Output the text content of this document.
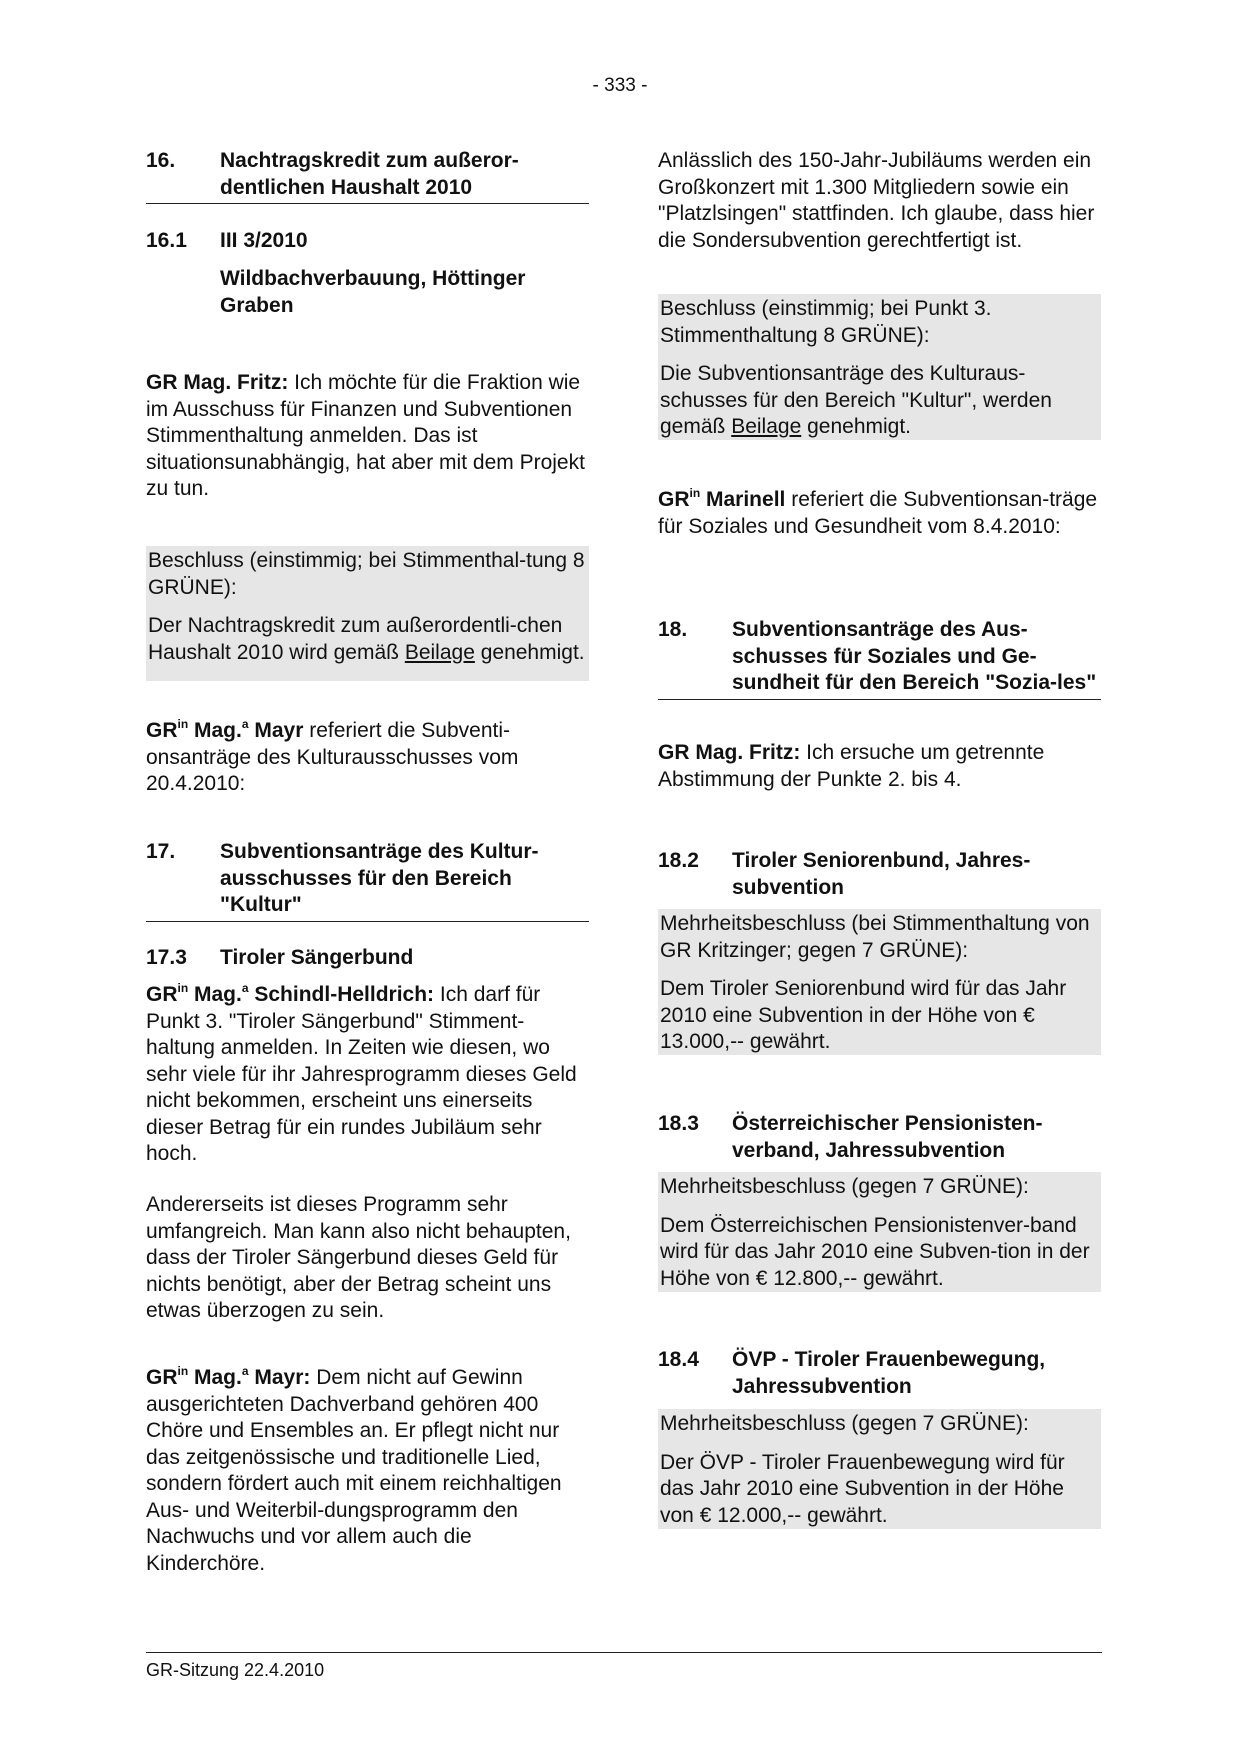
- 333 -
16.	Nachtragskredit zum außeror-dentlichen Haushalt 2010
16.1	III 3/2010
Wildbachverbauung, Höttinger Graben

GR Mag. Fritz: Ich möchte für die Fraktion wie im Ausschuss für Finanzen und Subventionen Stimmenthaltung anmelden. Das ist situationsunabhängig, hat aber mit dem Projekt zu tun.

Beschluss (einstimmig; bei Stimmenthal-tung 8 GRÜNE):

Der Nachtragskredit zum außerordentli-chen Haushalt 2010 wird gemäß Beilage genehmigt.

$GR^{in}$ Mag.$^a$ Mayr referiert die Subventi-onsanträge des Kulturausschusses vom 20.4.2010:

17.	Subventionsanträge des Kultur-ausschusses für den Bereich "Kultur"
17.3	Tiroler Sängerbund

$GR^{in}$ Mag.$^a$ Schindl-Helldrich: Ich darf für Punkt 3. "Tiroler Sängerbund" Stimment-haltung anmelden. In Zeiten wie diesen, wo sehr viele für ihr Jahresprogramm dieses Geld nicht bekommen, erscheint uns einerseits dieser Betrag für ein rundes Jubiläum sehr hoch.

Andererseits ist dieses Programm sehr umfangreich. Man kann also nicht behaupten, dass der Tiroler Sängerbund dieses Geld für nichts benötigt, aber der Betrag scheint uns etwas überzogen zu sein.

$GR^{in}$ Mag.$^a$ Mayr: Dem nicht auf Gewinn ausgerichteten Dachverband gehören 400 Chöre und Ensembles an. Er pflegt nicht nur das zeitgenössische und traditionelle Lied, sondern fördert auch mit einem reichhaltigen Aus- und Weiterbil-dungsprogramm den Nachwuchs und vor allem auch die Kinderchöre.

Anlässlich des 150-Jahr-Jubiläums werden ein Großkonzert mit 1.300 Mitgliedern sowie ein "Platzlsingen" stattfinden. Ich glaube, dass hier die Sondersubvention gerechtfertigt ist.

Beschluss (einstimmig; bei Punkt 3. Stimmenthaltung 8 GRÜNE):

Die Subventionsanträge des Kulturaus-schusses für den Bereich "Kultur", werden gemäß Beilage genehmigt.

$GR^{in}$ Marinell referiert die Subventionsan-träge für Soziales und Gesundheit vom 8.4.2010:

18.	Subventionsanträge des Aus-schusses für Soziales und Ge-sundheit für den Bereich "Sozia-les"

GR Mag. Fritz: Ich ersuche um getrennte Abstimmung der Punkte 2. bis 4.

18.2	Tiroler Seniorenbund, Jahres-subvention

Mehrheitsbeschluss (bei Stimmenthaltung von GR Kritzinger; gegen 7 GRÜNE):

Dem Tiroler Seniorenbund wird für das Jahr 2010 eine Subvention in der Höhe von € 13.000,-- gewährt.

18.3	Österreichischer Pensionisten-verband, Jahressubvention

Mehrheitsbeschluss (gegen 7 GRÜNE):

Dem Österreichischen Pensionistenver-band wird für das Jahr 2010 eine Subven-tion in der Höhe von € 12.800,-- gewährt.

18.4	ÖVP - Tiroler Frauenbewegung, Jahressubvention

Mehrheitsbeschluss (gegen 7 GRÜNE):

Der ÖVP - Tiroler Frauenbewegung wird für das Jahr 2010 eine Subvention in der Höhe von € 12.000,-- gewährt.

GR-Sitzung 22.4.2010
